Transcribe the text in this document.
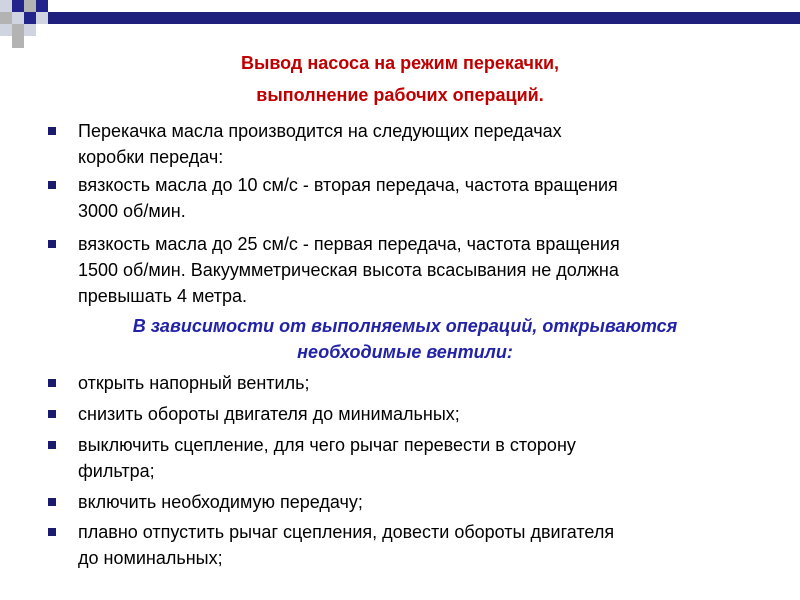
Вывод насоса на режим перекачки,
выполнение рабочих операций.
Перекачка масла производится на следующих передачах
коробки передач:
вязкость масла до 10 см/с - вторая передача, частота вращения
3000 об/мин.
вязкость масла до 25 см/с - первая передача, частота вращения
1500 об/мин. Вакуумметрическая высота всасывания не должна
превышать 4 метра.
В зависимости от выполняемых операций, открываются
необходимые вентили:
открыть напорный вентиль;
снизить обороты двигателя до минимальных;
выключить сцепление, для чего рычаг перевести в сторону
фильтра;
включить необходимую передачу;
плавно отпустить рычаг сцепления, довести обороты двигателя
до номинальных;
